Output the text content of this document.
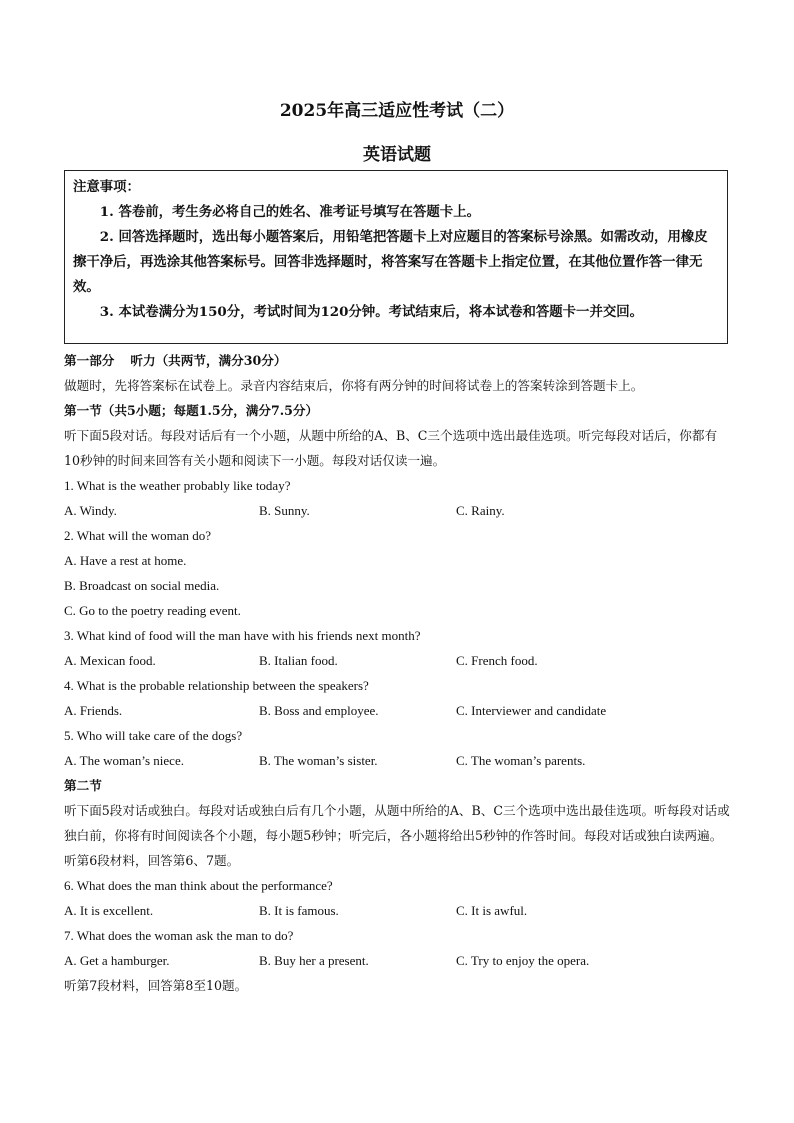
2025年高三适应性考试（二）
英语试题
注意事项：
1. 答卷前，考生务必将自己的姓名、准考证号填写在答题卡上。
2. 回答选择题时，选出每小题答案后，用铅笔把答题卡上对应题目的答案标号涂黑。如需改动，用橡皮擦干净后，再选涂其他答案标号。回答非选择题时，将答案写在答题卡上指定位置，在其他位置作答一律无效。
3. 本试卷满分为150分，考试时间为120分钟。考试结束后，将本试卷和答题卡一并交回。
第一部分 听力（共两节，满分30分）
做题时，先将答案标在试卷上。录音内容结束后，你将有两分钟的时间将试卷上的答案转涂到答题卡上。
第一节（共5小题；每题1.5分，满分7.5分）
听下面5段对话。每段对话后有一个小题，从题中所给的A、B、C三个选项中选出最佳选项。听完每段对话后，你都有10秒钟的时间来回答有关小题和阅读下一小题。每段对话仅读一遍。
1. What is the weather probably like today?
A. Windy.	B. Sunny.	C. Rainy.
2. What will the woman do?
A. Have a rest at home.
B. Broadcast on social media.
C. Go to the poetry reading event.
3. What kind of food will the man have with his friends next month?
A. Mexican food.	B. Italian food.	C. French food.
4. What is the probable relationship between the speakers?
A. Friends.	B. Boss and employee.	C. Interviewer and candidate
5. Who will take care of the dogs?
A. The woman’s niece.	B. The woman’s sister.	C. The woman’s parents.
第二节
听下面5段对话或独白。每段对话或独白后有几个小题，从题中所给的A、B、C三个选项中选出最佳选项。听每段对话或独白前，你将有时间阅读各个小题，每小题5秒钟；听完后，各小题将给出5秒钟的作答时间。每段对话或独白读两遍。
听第6段材料，回答第6、7题。
6. What does the man think about the performance?
A. It is excellent.	B. It is famous.	C. It is awful.
7. What does the woman ask the man to do?
A. Get a hamburger.	B. Buy her a present.	C. Try to enjoy the opera.
听第7段材料，回答第8至10题。
